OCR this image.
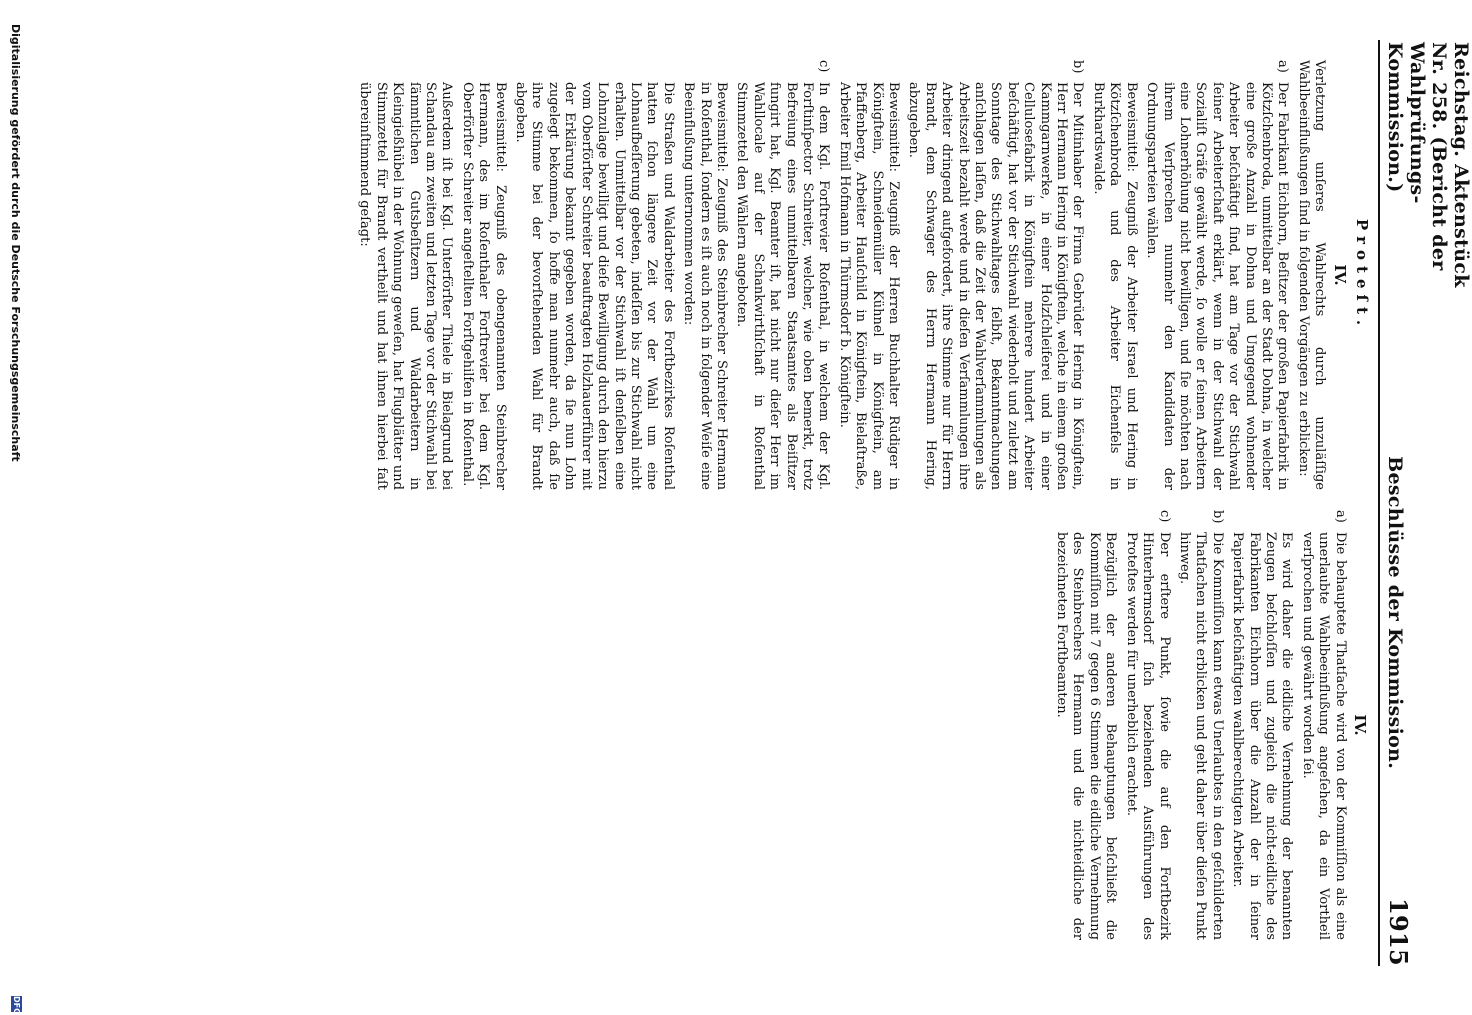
Reichstag. Aktenstück Nr. 258. (Bericht der Wahlprüfungs-Kommission.)
Beschlüsse der Kommission.
1915
Proteſt.
IV.

Verletzung unſeres Wahlrechts durch unzuläſſige Wahlbeeinflußungen ſind in folgenden Vorgängen zu erblicken:

a)
Der Fabrikant Eichhorn, Beſitzer der großen Papierfabrik in Kötzſchenbroda, unmittelbar an der Stadt Dohna, in welcher eine große Anzahl in Dohna und Umgegend wohnender Arbeiter beſchäftigt ſind, hat am Tage vor der Stichwahl ſeiner Arbeiterſchaft erklärt, wenn in der Stichwahl der Sozialiſt Gräfe gewählt werde, ſo wolle er ſeinen Arbeitern eine Lohnerhöhung nicht bewilligen, und ſie möchten nach ihrem Verſprechen nunmehr den Kandidaten der Ordnungsparteien wählen.
Beweismittel: Zeugniß der Arbeiter Israel und Hering in Kötzſchenbroda und des Arbeiter Eichenfels in Burkhardswalde.
b)
Der Mitinhaber der Firma Gebrüder Hering in Königſtein, Herr Hermann Hering in Königſtein, welche in einem großen Kammgarnwerke, in einer Holzſchleiferei und in einer Cellulosefabrik in Königſtein mehrere hundert Arbeiter beſchäftigt, hat vor der Stichwahl wiederholt und zuletzt am Sonntage des Stichwahltages ſelbſt, Bekanntmachungen anſchlagen laſſen, daß die Zeit der Wahlverſammlungen als Arbeitszeit bezahlt werde und in dieſen Verſammlungen ihre Arbeiter dringend aufgefordert, ihre Stimme nur für Herrn Brandt, dem Schwager des Herrn Hermann Hering, abzugeben.
Beweismittel: Zeugniß der Herren Buchhalter Rüdiger in Königſtein, Schneidemüller Kühnel in Königſtein, am Pfaffenberg, Arbeiter Hauſchild in Königſtein, Bielaſtraße, Arbeiter Emil Hofmann in Thürmsdorf b. Königſtein.
c)
In dem Kgl. Forſtrevier Roſenthal, in welchem der Kgl. Forſtinſpector Schreiter, welcher, wie oben bemerkt, trotz Befreiung eines unmittelbaren Staatsamtes als Beiſitzer fungirt hat, Kgl. Beamter iſt, hat nicht nur dieſer Herr im Wahllocale auf der Schankwirthſchaft in Roſenthal Stimmzettel den Wählern angeboten.
Beweismittel: Zeugniß des Steinbrecher Schreiter Hermann in Roſenthal, ſondern es iſt auch noch in folgender Weiſe eine Beeinflußung unternommen worden:
Die Straßen und Waldarbeiter des Forſtbezirkes Roſenthal hatten ſchon längere Zeit vor der Wahl um eine Lohnaufbeſſerung gebeten, indeſſen bis zur Stichwahl nicht erhalten. Unmittelbar vor der Stichwahl iſt denſelben eine Lohnzulage bewilligt und dieſe Bewilligung durch den hierzu vom Oberförſter Schreiter beauftragten Holzhauerführer mit der Erklärung bekannt gegeben worden, da ſie nun Lohn zugelegt bekommen, ſo hoffe man nunmehr auch, daß ſie ihre Stimme bei der bevorſtehenden Wahl für Brandt abgeben.
Beweismittel: Zeugniß des obengenannten Steinbrecher Hermann, des im Roſenthaler Forſtrevier bei dem Kgl. Oberförſter Schreiter angeſtellten Forſtgehilfen in Roſenthal.
Außerdem iſt bei Kgl. Unterförſter Thiele in Bielagrund bei Schandau am zweiten und letzten Tage vor der Stichwahl bei ſämmtlichen Gutsbeſitzern und Waldarbeitern in Kleingießhübel in der Wohnung geweſen, hat Flugblätter und Stimmzettel für Brandt vertheilt und hat ihnen hierbei faſt übereinſtimmend geſagt:
IV.
a)
Die behauptete Thatſache wird von der Kommiſſion als eine unerlaubte Wahlbeeinflußung angeſehen, da ein Vortheil verſprochen und gewährt worden ſei.
Es wird daher die eidliche Vernehmung der benannten Zeugen beſchloſſen und zugleich die nicht-eidliche des Fabrikanten Eichhorn über die Anzahl der in ſeiner Papierfabrik beſchäftigten wahlberechtigten Arbeiter.
b)
Die Kommiſſion kann etwas Unerlaubtes in den geſchilderten Thatſachen nicht erblicken und geht daher über dieſen Punkt hinweg.
c)
Der erſtere Punkt, ſowie die auf den Forſtbezirk Hinterhermsdorf ſich beziehenden Ausführungen des Proteſtes werden für unerheblich erachtet.
Bezüglich der anderen Behauptungen beſchließt die Kommiſſion mit 7 gegen 6 Stimmen die eidliche Vernehmung des Steinbrechers Hermann und die nichteidliche der bezeichneten Forſtbeamten.
Digitalisierung gefördert durch die Deutsche Forschungsgemeinschaft
DFG
